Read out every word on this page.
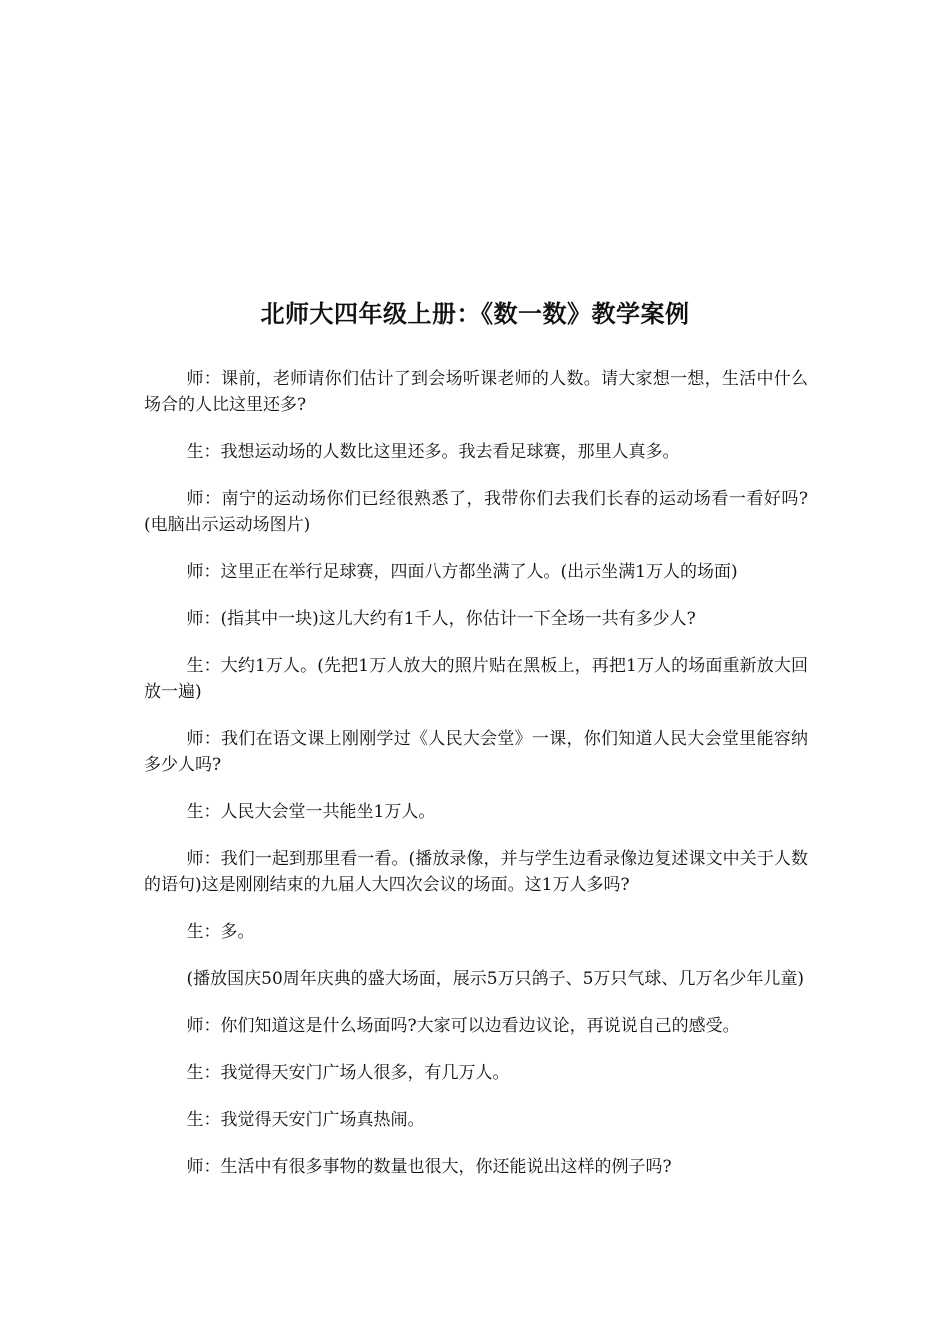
北师大四年级上册：《数一数》教学案例

师：课前，老师请你们估计了到会场听课老师的人数。请大家想一想，生活中什么场合的人比这里还多?

生：我想运动场的人数比这里还多。我去看足球赛，那里人真多。

师：南宁的运动场你们已经很熟悉了，我带你们去我们长春的运动场看一看好吗?(电脑出示运动场图片)

师：这里正在举行足球赛，四面八方都坐满了人。(出示坐满1万人的场面)

师：(指其中一块)这儿大约有1千人，你估计一下全场一共有多少人?

生：大约1万人。(先把1万人放大的照片贴在黑板上，再把1万人的场面重新放大回放一遍)

师：我们在语文课上刚刚学过《人民大会堂》一课，你们知道人民大会堂里能容纳多少人吗?

生：人民大会堂一共能坐1万人。

师：我们一起到那里看一看。(播放录像，并与学生边看录像边复述课文中关于人数的语句)这是刚刚结束的九届人大四次会议的场面。这1万人多吗?

生：多。

(播放国庆50周年庆典的盛大场面，展示5万只鸽子、5万只气球、几万名少年儿童)

师：你们知道这是什么场面吗?大家可以边看边议论，再说说自己的感受。

生：我觉得天安门广场人很多，有几万人。

生：我觉得天安门广场真热闹。

师：生活中有很多事物的数量也很大，你还能说出这样的例子吗?
